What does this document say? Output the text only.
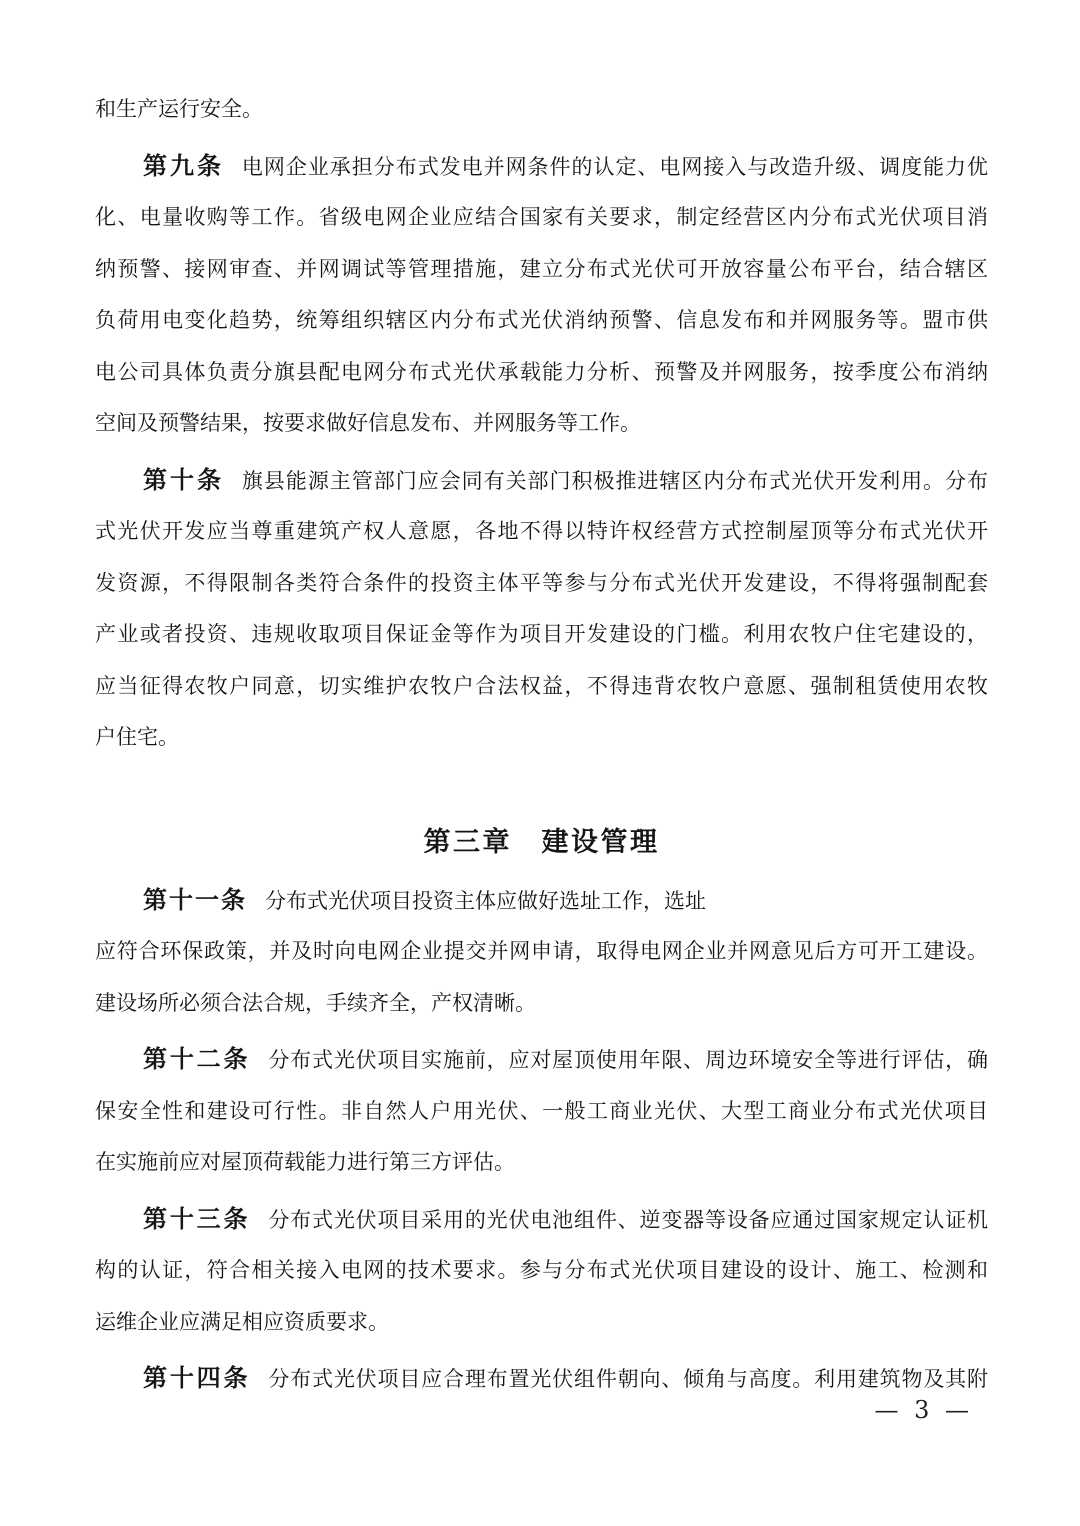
和生产运行安全。
第九条 电网企业承担分布式发电并网条件的认定、电网接入与改造升级、调度能力优
化、电量收购等工作。省级电网企业应结合国家有关要求，制定经营区内分布式光伏项目消
纳预警、接网审查、并网调试等管理措施，建立分布式光伏可开放容量公布平台，结合辖区
负荷用电变化趋势，统筹组织辖区内分布式光伏消纳预警、信息发布和并网服务等。盟市供
电公司具体负责分旗县配电网分布式光伏承载能力分析、预警及并网服务，按季度公布消纳
空间及预警结果，按要求做好信息发布、并网服务等工作。
第十条 旗县能源主管部门应会同有关部门积极推进辖区内分布式光伏开发利用。分布
式光伏开发应当尊重建筑产权人意愿，各地不得以特许权经营方式控制屋顶等分布式光伏开
发资源，不得限制各类符合条件的投资主体平等参与分布式光伏开发建设，不得将强制配套
产业或者投资、违规收取项目保证金等作为项目开发建设的门槛。利用农牧户住宅建设的，
应当征得农牧户同意，切实维护农牧户合法权益，不得违背农牧户意愿、强制租赁使用农牧
户住宅。
第三章　建设管理
第十一条 分布式光伏项目投资主体应做好选址工作，选址
应符合环保政策，并及时向电网企业提交并网申请，取得电网企业并网意见后方可开工建设。
建设场所必须合法合规，手续齐全，产权清晰。
第十二条 分布式光伏项目实施前，应对屋顶使用年限、周边环境安全等进行评估，确
保安全性和建设可行性。非自然人户用光伏、一般工商业光伏、大型工商业分布式光伏项目
在实施前应对屋顶荷载能力进行第三方评估。
第十三条 分布式光伏项目采用的光伏电池组件、逆变器等设备应通过国家规定认证机
构的认证，符合相关接入电网的技术要求。参与分布式光伏项目建设的设计、施工、检测和
运维企业应满足相应资质要求。
第十四条 分布式光伏项目应合理布置光伏组件朝向、倾角与高度。利用建筑物及其附
— 3 —
